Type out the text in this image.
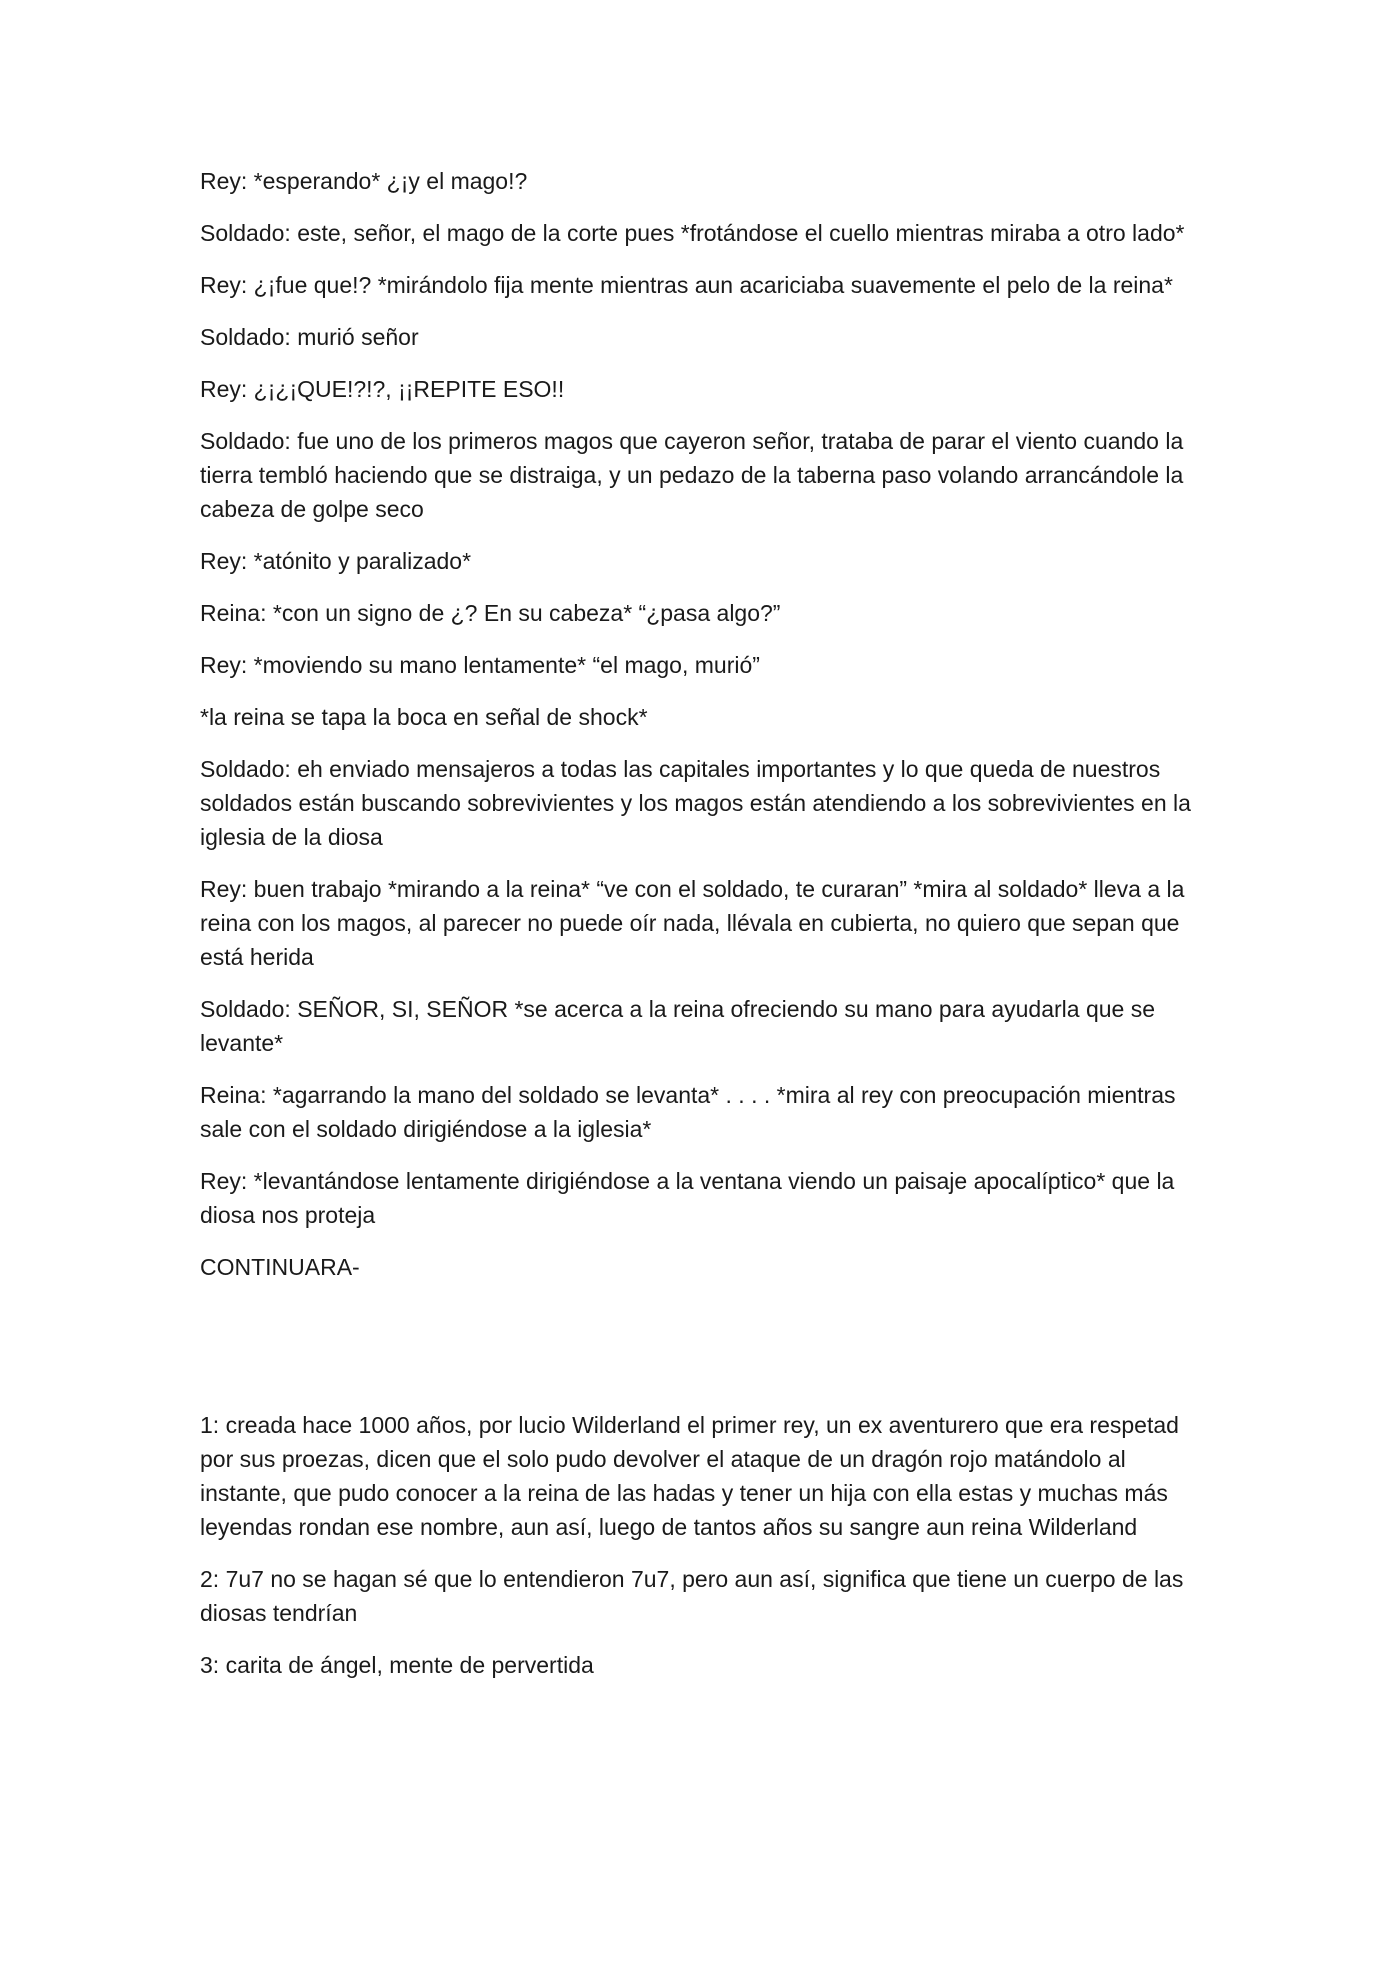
Rey: *esperando* ¿¡y el mago!?

Soldado: este, señor, el mago de la corte pues *frotándose el cuello mientras miraba a otro lado*

Rey: ¿¡fue que!? *mirándolo fija mente mientras aun acariciaba suavemente el pelo de la reina*

Soldado: murió señor

Rey: ¿¡¿¡QUE!?!?, ¡¡REPITE ESO!!

Soldado: fue uno de los primeros magos que cayeron señor, trataba de parar el viento cuando la tierra tembló haciendo que se distraiga, y un pedazo de la taberna paso volando arrancándole la cabeza de golpe seco

Rey: *atónito y paralizado*

Reina: *con un signo de ¿? En su cabeza* “¿pasa algo?”

Rey: *moviendo su mano lentamente* “el mago, murió”

*la reina se tapa la boca en señal de shock*

Soldado: eh enviado mensajeros a todas las capitales importantes y lo que queda de nuestros soldados están buscando sobrevivientes y los magos están atendiendo a los sobrevivientes en la iglesia de la diosa

Rey: buen trabajo *mirando a la reina* “ve con el soldado, te curaran” *mira al soldado* lleva a la reina con los magos, al parecer no puede oír nada, llévala en cubierta, no quiero que sepan que está herida

Soldado: SEÑOR, SI, SEÑOR *se acerca a la reina ofreciendo su mano para ayudarla que se levante*

Reina: *agarrando la mano del soldado se levanta* . . . . *mira al rey con preocupación mientras sale con el soldado dirigiéndose a la iglesia*

Rey: *levantándose lentamente dirigiéndose a la ventana viendo un paisaje apocalíptico* que la diosa nos proteja

CONTINUARA-

1: creada hace 1000 años, por lucio Wilderland el primer rey, un ex aventurero que era respetad por sus proezas, dicen que el solo pudo devolver el ataque de un dragón rojo matándolo al instante, que pudo conocer a la reina de las hadas y tener un hija con ella estas y muchas más leyendas rondan ese nombre, aun así, luego de tantos años su sangre aun reina Wilderland

2: 7u7 no se hagan sé que lo entendieron 7u7, pero aun así, significa que tiene un cuerpo de las diosas tendrían

3: carita de ángel, mente de pervertida
